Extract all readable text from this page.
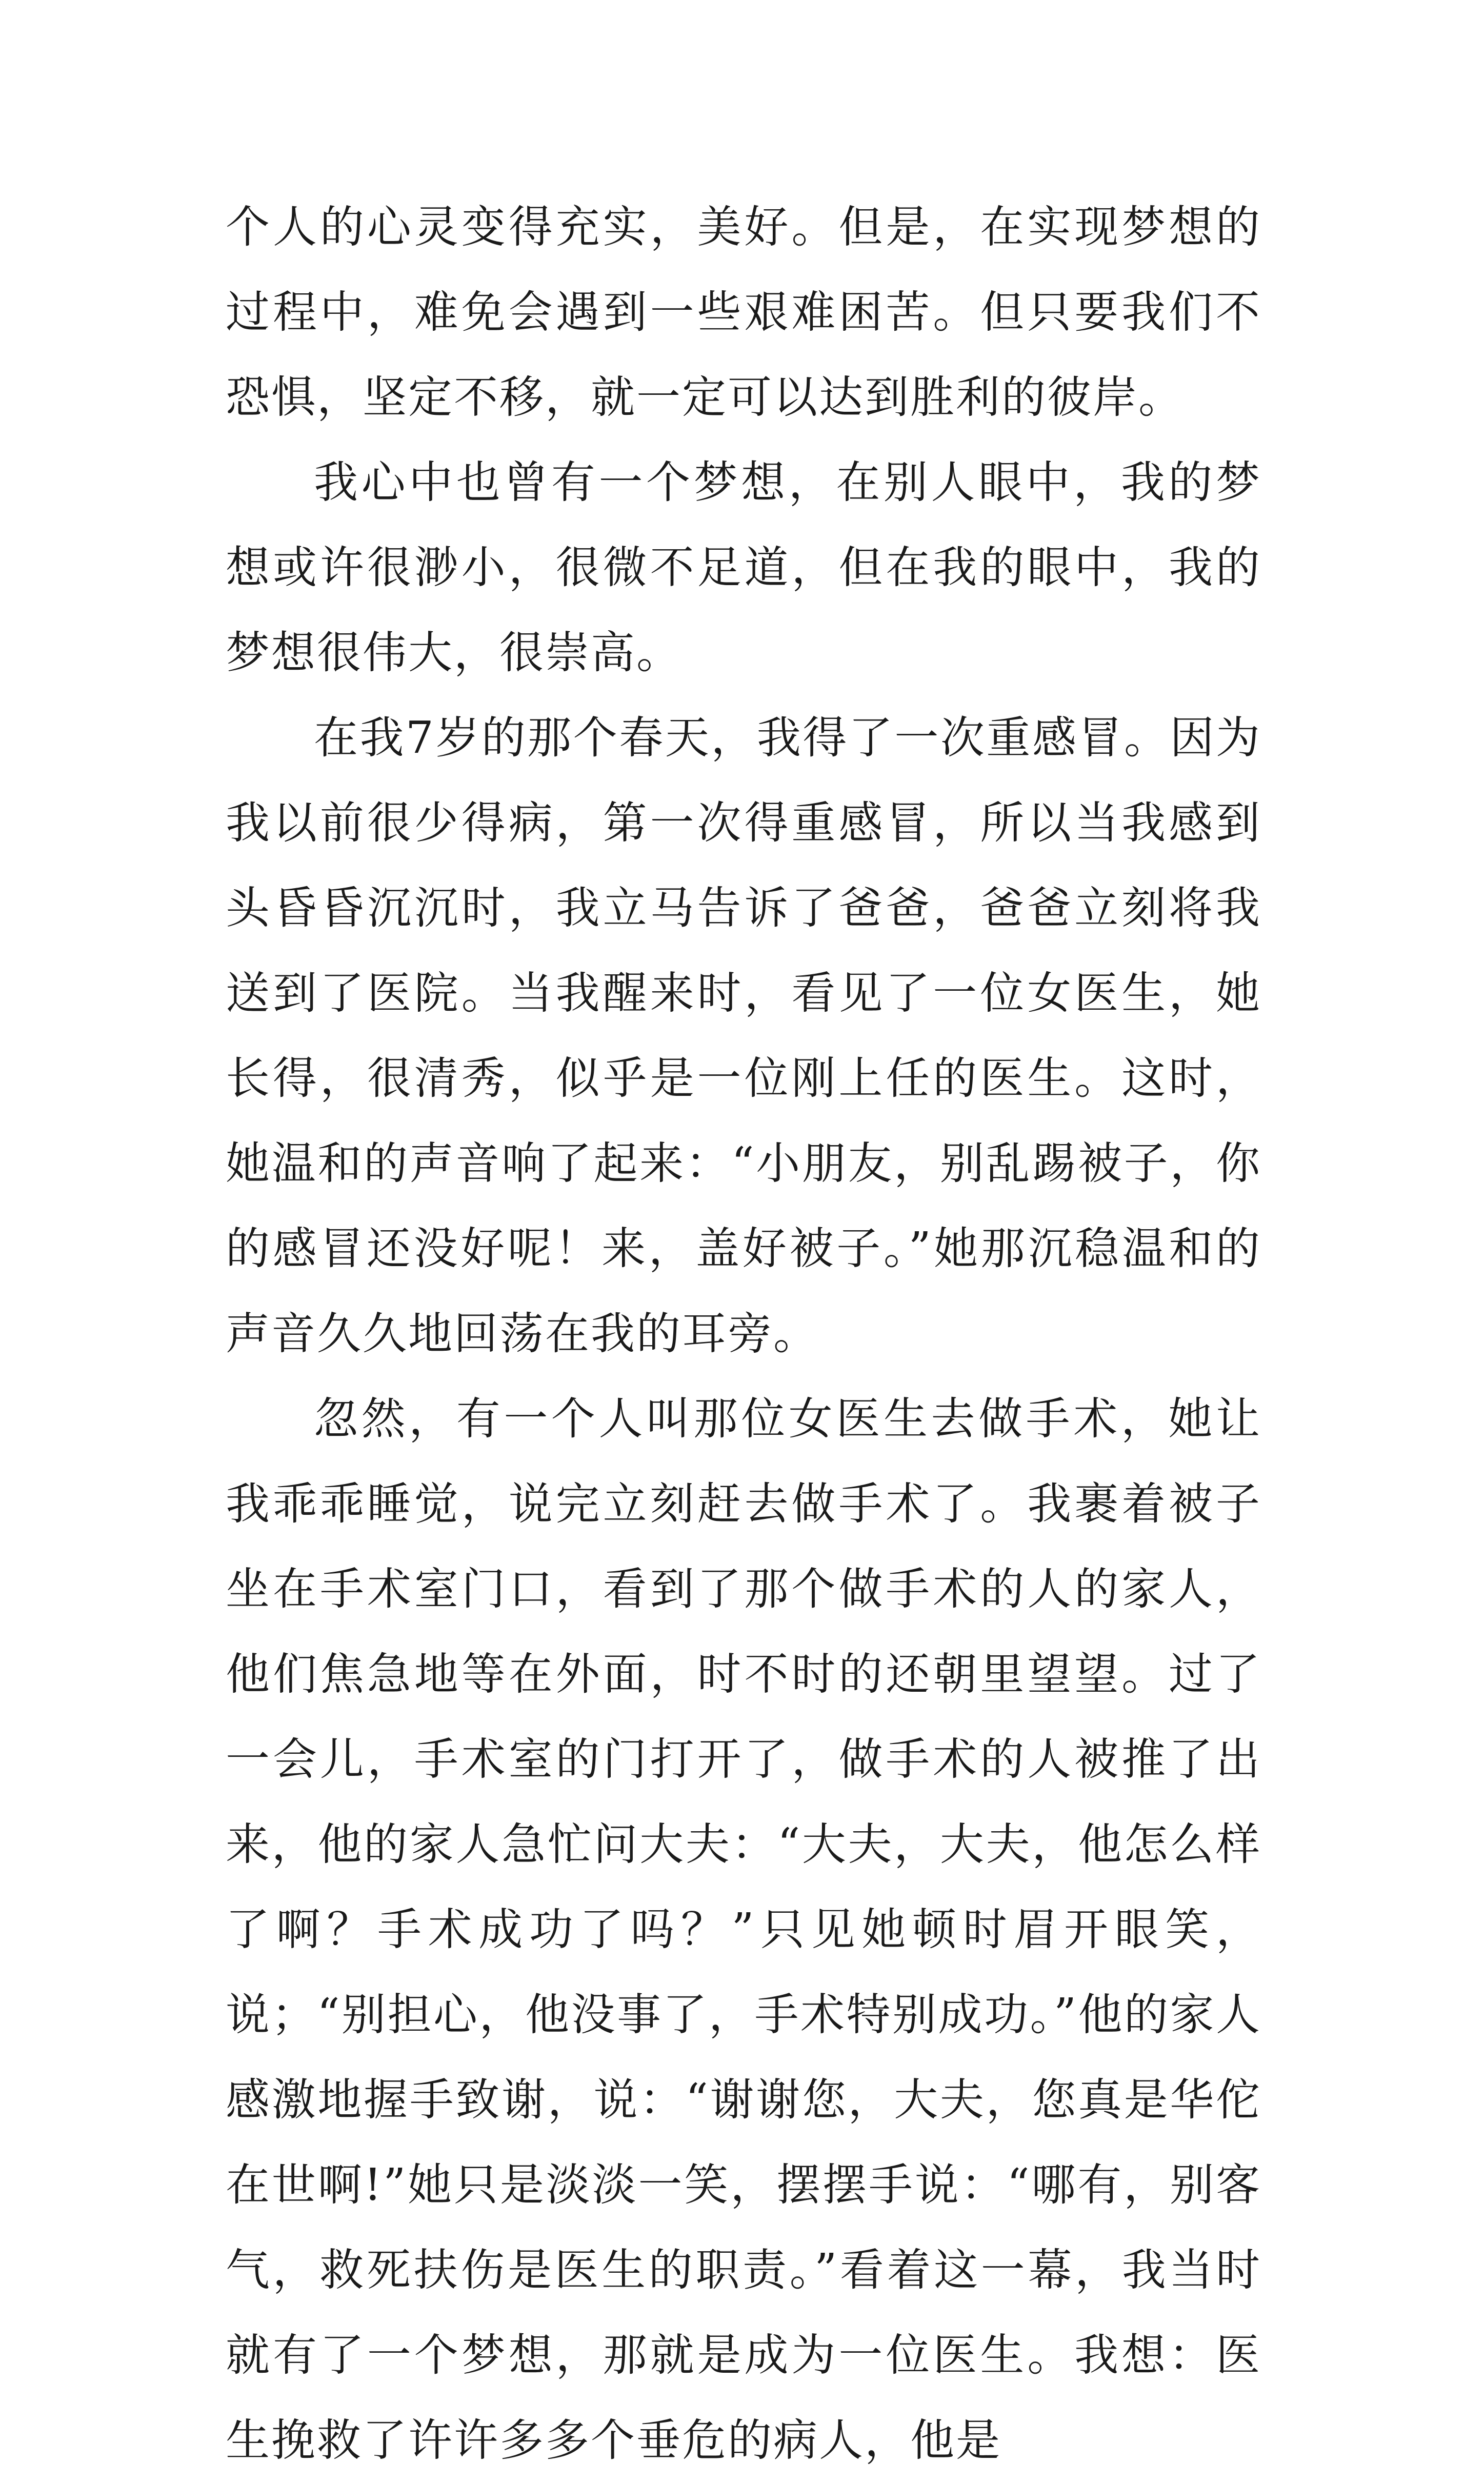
个人的心灵变得充实，美好。但是，在实现梦想的过程中，难免会遇到一些艰难困苦。但只要我们不恐惧，坚定不移，就一定可以达到胜利的彼岸。

我心中也曾有一个梦想，在别人眼中，我的梦想或许很渺小，很微不足道，但在我的眼中，我的梦想很伟大，很崇高。

在我7岁的那个春天，我得了一次重感冒。因为我以前很少得病，第一次得重感冒，所以当我感到头昏昏沉沉时，我立马告诉了爸爸，爸爸立刻将我送到了医院。当我醒来时，看见了一位女医生，她长得，很清秀，似乎是一位刚上任的医生。这时，她温和的声音响了起来：“小朋友，别乱踢被子，你的感冒还没好呢！来，盖好被子。”她那沉稳温和的声音久久地回荡在我的耳旁。

忽然，有一个人叫那位女医生去做手术，她让我乖乖睡觉，说完立刻赶去做手术了。我裹着被子坐在手术室门口，看到了那个做手术的人的家人，他们焦急地等在外面，时不时的还朝里望望。过了一会儿，手术室的门打开了，做手术的人被推了出来，他的家人急忙问大夫：“大夫，大夫，他怎么样了啊？手术成功了吗？”只见她顿时眉开眼笑，说；“别担心，他没事了，手术特别成功。”他的家人感激地握手致谢，说：“谢谢您，大夫，您真是华佗在世啊!”她只是淡淡一笑，摆摆手说：“哪有，别客气，救死扶伤是医生的职责。”看着这一幕，我当时就有了一个梦想，那就是成为一位医生。我想：医生挽救了许许多多个垂危的病人，他是
